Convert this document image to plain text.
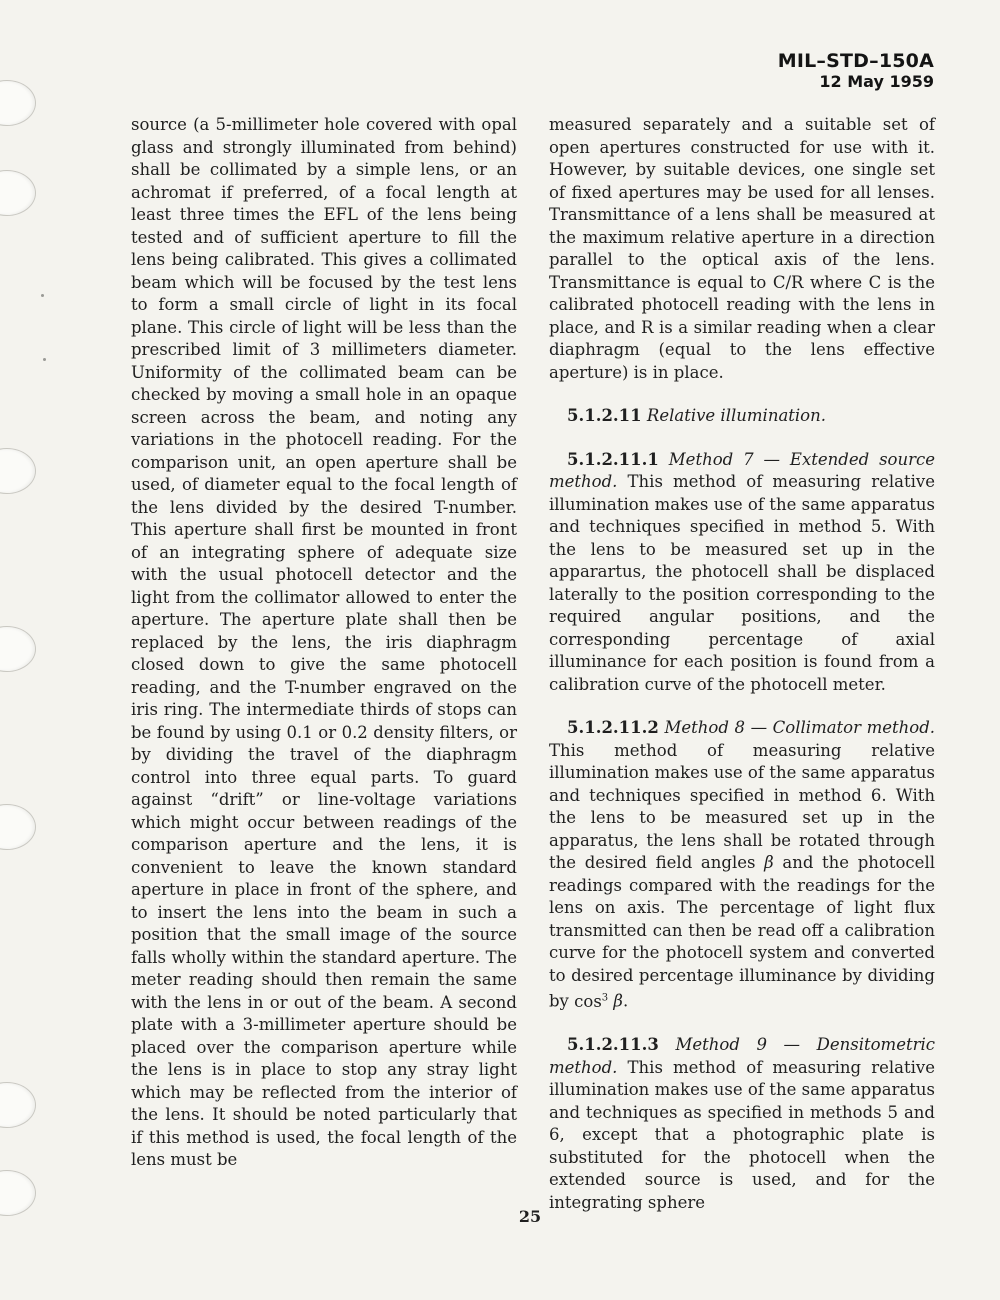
MIL–STD–150A
12 May 1959

source (a 5-millimeter hole covered with opal glass and strongly illuminated from behind) shall be collimated by a simple lens, or an achromat if preferred, of a focal length at least three times the EFL of the lens being tested and of sufficient aperture to fill the lens being calibrated. This gives a collimated beam which will be focused by the test lens to form a small circle of light in its focal plane. This circle of light will be less than the prescribed limit of 3 millimeters diameter. Uniformity of the collimated beam can be checked by moving a small hole in an opaque screen across the beam, and noting any variations in the photocell reading. For the comparison unit, an open aperture shall be used, of diameter equal to the focal length of the lens divided by the desired T-number. This aperture shall first be mounted in front of an integrating sphere of adequate size with the usual photocell detector and the light from the collimator allowed to enter the aperture. The aperture plate shall then be replaced by the lens, the iris diaphragm closed down to give the same photocell reading, and the T-number engraved on the iris ring. The intermediate thirds of stops can be found by using 0.1 or 0.2 density filters, or by dividing the travel of the diaphragm control into three equal parts. To guard against “drift” or line-voltage variations which might occur between readings of the comparison aperture and the lens, it is convenient to leave the known standard aperture in place in front of the sphere, and to insert the lens into the beam in such a position that the small image of the source falls wholly within the standard aperture. The meter reading should then remain the same with the lens in or out of the beam. A second plate with a 3-millimeter aperture should be placed over the comparison aperture while the lens is in place to stop any stray light which may be reflected from the interior of the lens. It should be noted particularly that if this method is used, the focal length of the lens must be

measured separately and a suitable set of open apertures constructed for use with it. However, by suitable devices, one single set of fixed apertures may be used for all lenses. Transmittance of a lens shall be measured at the maximum relative aperture in a direction parallel to the optical axis of the lens. Transmittance is equal to C/R where C is the calibrated photocell reading with the lens in place, and R is a similar reading when a clear diaphragm (equal to the lens effective aperture) is in place.

5.1.2.11 Relative illumination.

5.1.2.11.1 Method 7 — Extended source method. This method of measuring relative illumination makes use of the same apparatus and techniques specified in method 5. With the lens to be measured set up in the apparartus, the photocell shall be displaced laterally to the position corresponding to the required angular positions, and the corresponding percentage of axial illuminance for each position is found from a calibration curve of the photocell meter.

5.1.2.11.2 Method 8 — Collimator method. This method of measuring relative illumination makes use of the same apparatus and techniques specified in method 6. With the lens to be measured set up in the apparatus, the lens shall be rotated through the desired field angles β and the photocell readings compared with the readings for the lens on axis. The percentage of light flux transmitted can then be read off a calibration curve for the photocell system and converted to desired percentage illuminance by dividing by $\cos^3 \beta$.

5.1.2.11.3 Method 9 — Densitometric method. This method of measuring relative illumination makes use of the same apparatus and techniques as specified in methods 5 and 6, except that a photographic plate is substituted for the photocell when the extended source is used, and for the integrating sphere

25
